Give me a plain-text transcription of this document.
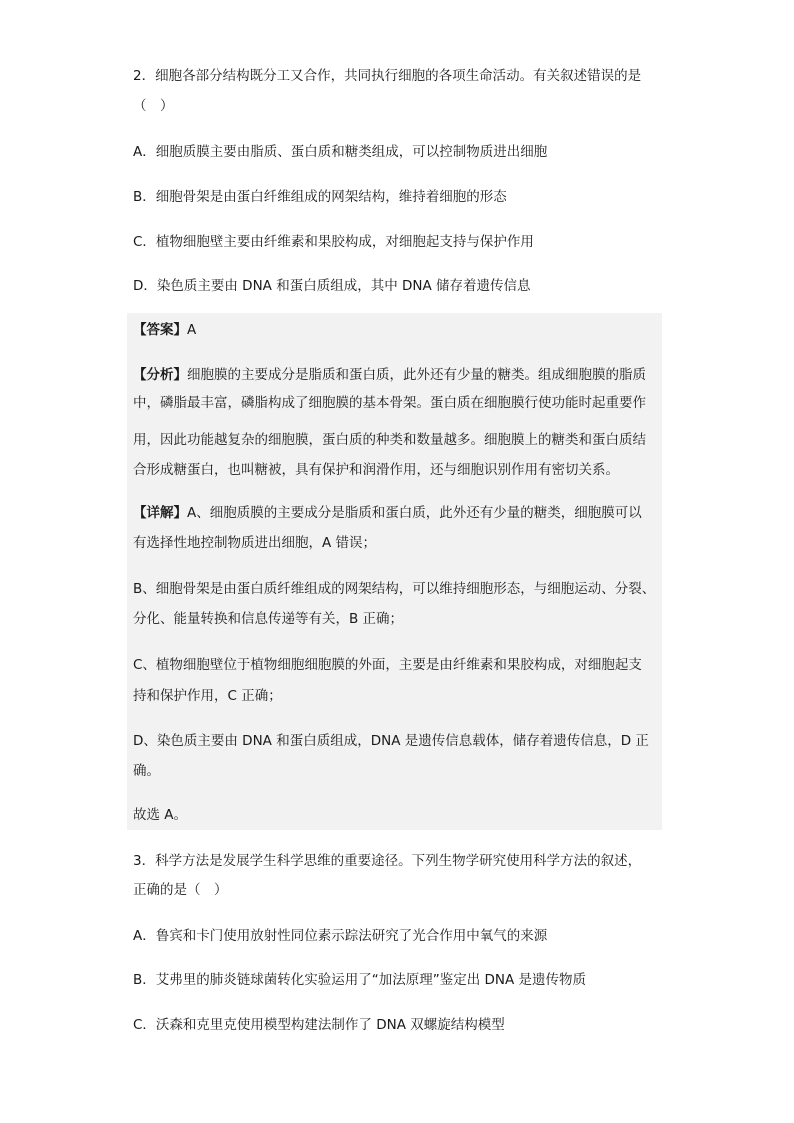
2．细胞各部分结构既分工又合作，共同执行细胞的各项生命活动。有关叙述错误的是
（　）
A．细胞质膜主要由脂质、蛋白质和糖类组成，可以控制物质进出细胞
B．细胞骨架是由蛋白纤维组成的网架结构，维持着细胞的形态
C．植物细胞壁主要由纤维素和果胶构成，对细胞起支持与保护作用
D．染色质主要由 DNA 和蛋白质组成，其中 DNA 储存着遗传信息
【答案】A
【分析】细胞膜的主要成分是脂质和蛋白质，此外还有少量的糖类。组成细胞膜的脂质
中，磷脂最丰富，磷脂构成了细胞膜的基本骨架。蛋白质在细胞膜行使功能时起重要作
用，因此功能越复杂的细胞膜，蛋白质的种类和数量越多。细胞膜上的糖类和蛋白质结
合形成糖蛋白，也叫糖被，具有保护和润滑作用，还与细胞识别作用有密切关系。
【详解】A、细胞质膜的主要成分是脂质和蛋白质，此外还有少量的糖类，细胞膜可以
有选择性地控制物质进出细胞，A 错误；
B、细胞骨架是由蛋白质纤维组成的网架结构，可以维持细胞形态，与细胞运动、分裂、
分化、能量转换和信息传递等有关，B 正确；
C、植物细胞壁位于植物细胞细胞膜的外面，主要是由纤维素和果胶构成，对细胞起支
持和保护作用，C 正确；
D、染色质主要由 DNA 和蛋白质组成，DNA 是遗传信息载体，储存着遗传信息，D 正
确。
故选 A。
3．科学方法是发展学生科学思维的重要途径。下列生物学研究使用科学方法的叙述，
正确的是（　）
A．鲁宾和卡门使用放射性同位素示踪法研究了光合作用中氧气的来源
B．艾弗里的肺炎链球菌转化实验运用了“加法原理”鉴定出 DNA 是遗传物质
C．沃森和克里克使用模型构建法制作了 DNA 双螺旋结构模型
